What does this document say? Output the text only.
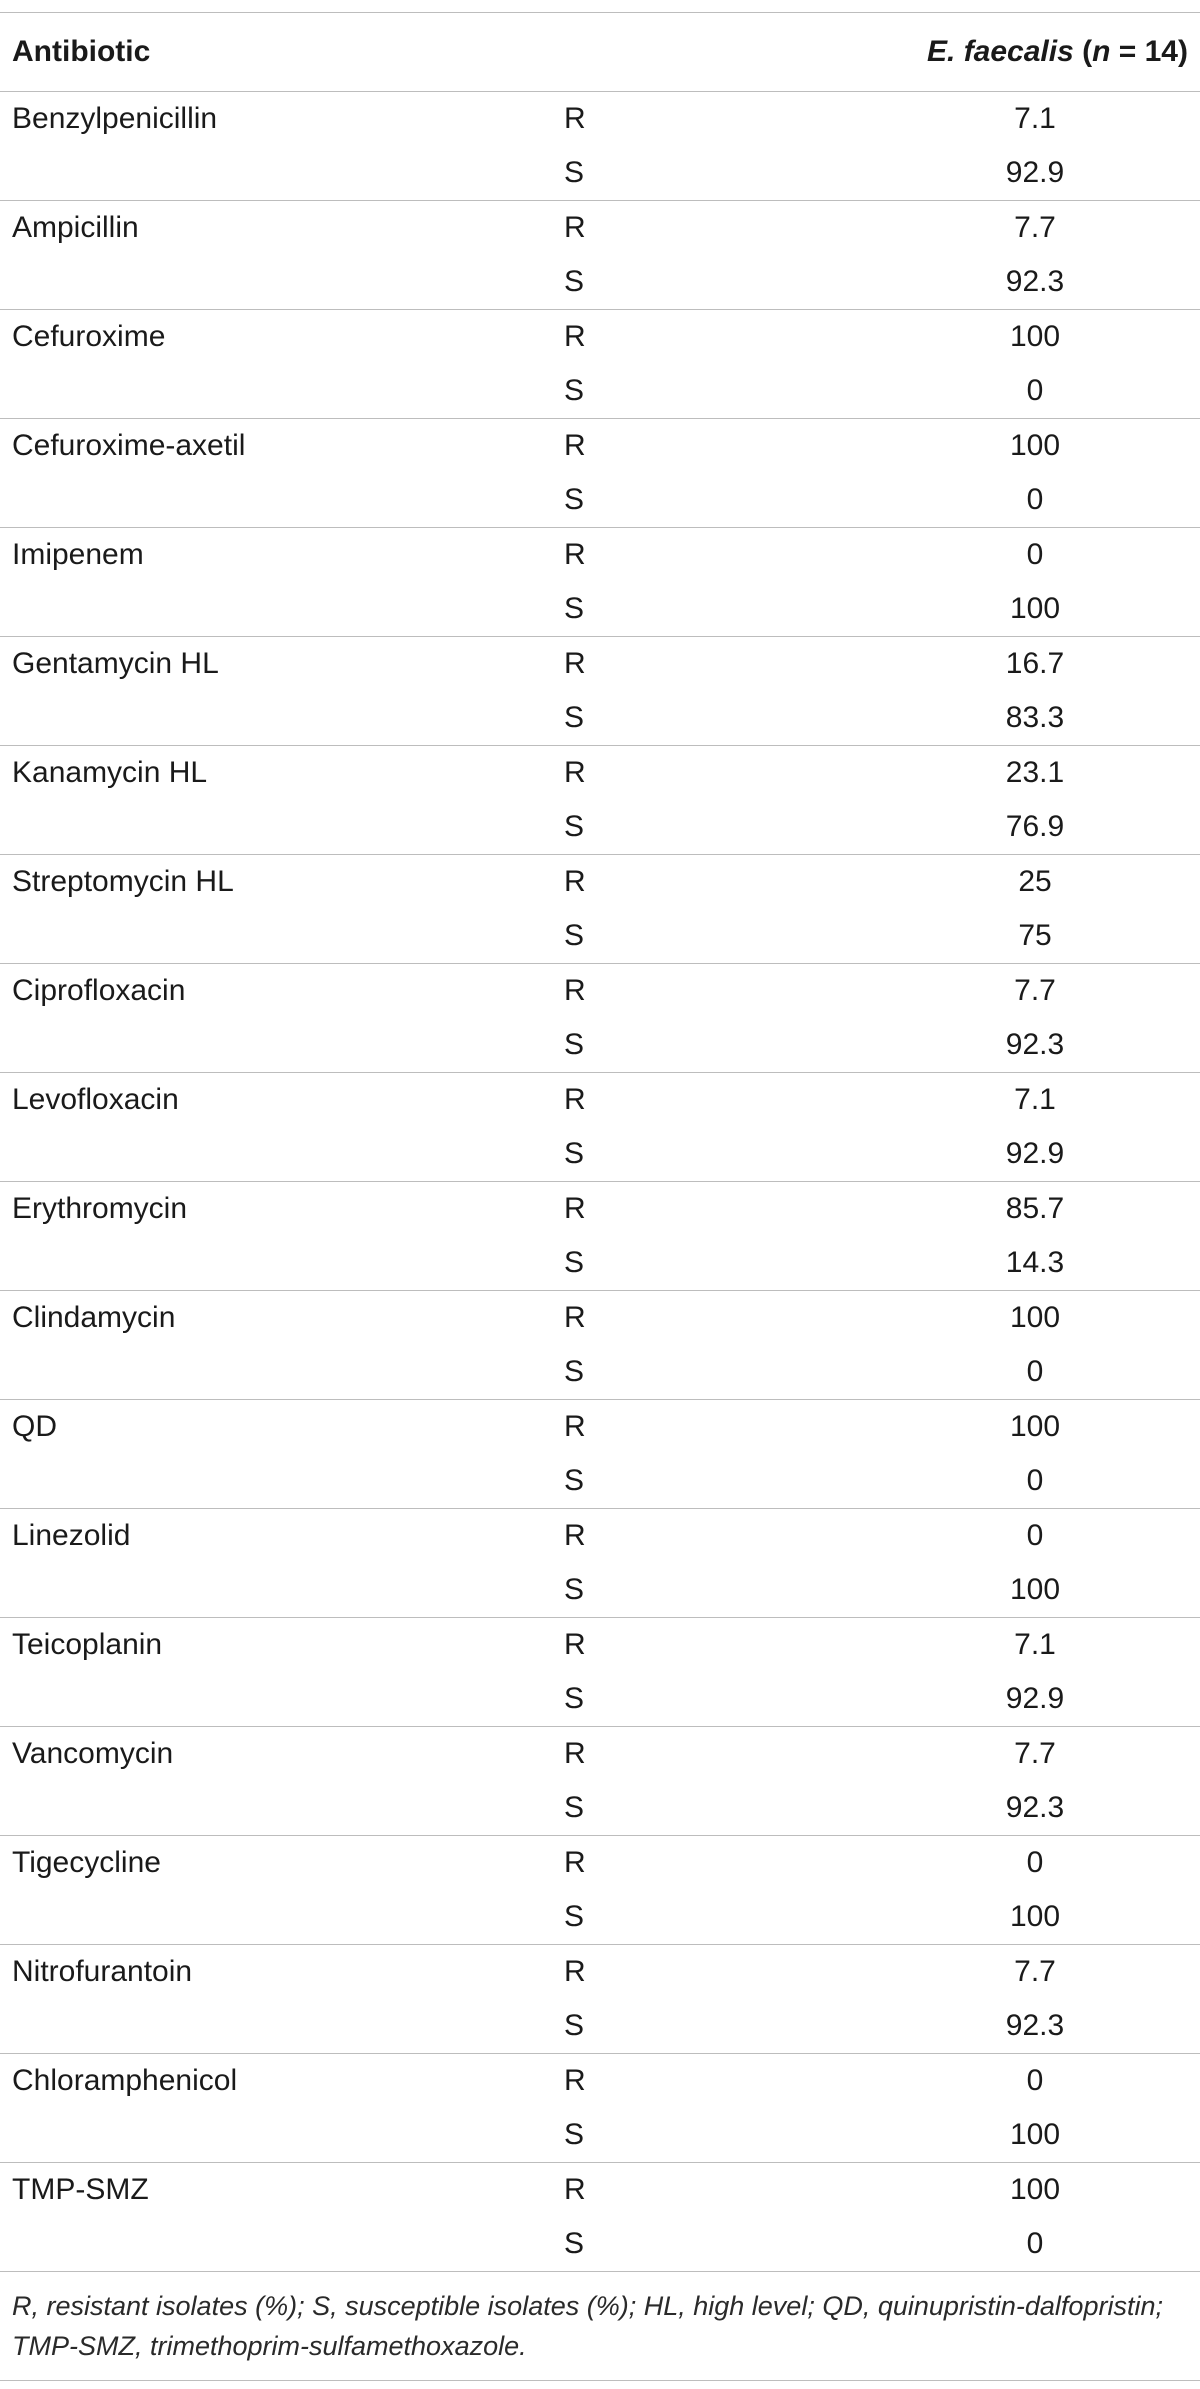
Antibiotic	E. faecalis (n = 14)
Benzylpenicillin	R	7.1
S	92.9
Ampicillin	R	7.7
S	92.3
Cefuroxime	R	100
S	0
Cefuroxime-axetil	R	100
S	0
Imipenem	R	0
S	100
Gentamycin HL	R	16.7
S	83.3
Kanamycin HL	R	23.1
S	76.9
Streptomycin HL	R	25
S	75
Ciprofloxacin	R	7.7
S	92.3
Levofloxacin	R	7.1
S	92.9
Erythromycin	R	85.7
S	14.3
Clindamycin	R	100
S	0
QD	R	100
S	0
Linezolid	R	0
S	100
Teicoplanin	R	7.1
S	92.9
Vancomycin	R	7.7
S	92.3
Tigecycline	R	0
S	100
Nitrofurantoin	R	7.7
S	92.3
Chloramphenicol	R	0
S	100
TMP-SMZ	R	100
S	0
R, resistant isolates (%); S, susceptible isolates (%); HL, high level; QD, quinupristin-dalfopristin; TMP-SMZ, trimethoprim-sulfamethoxazole.
